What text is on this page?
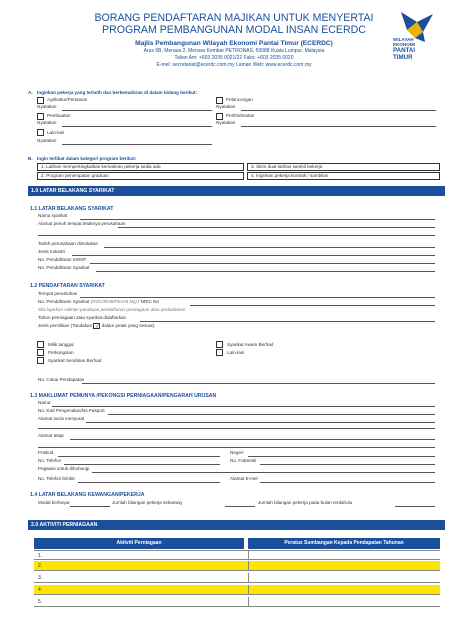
BORANG PENDAFTARAN MAJIKAN UNTUK MENYERTAI
PROGRAM PEMBANGUNAN MODAL INSAN ECERDC
Majlis Pembangunan Wilayah Ekonomi Pantai Timur (ECERDC)
Aras 6B, Menara 2, Menara Kembar PETRONAS, 50088 Kuala Lumpur, Malaysia
Talian Am: +603 2035 0021/22 Faks: +603 2035 0020
E-mel: secretariat@ecerdc.com.my Laman Web: www.ecerdc.com.my
WILAYAH
EKONOMI
PANTAI
TIMUR
A. Inginkan pekerja yang terlatih dan berkemahiran di dalam bidang berikut:
Agrikultur/Pertanian
Nyatakan
Pembuatan
Nyatakan
Lain-lain
Nyatakan
Pelancongan
Nyatakan
Perkhidmatan
Nyatakan
B. Ingin terlibat dalam kategori program berikut:
1. Latihan mempertingkatkan kemahiran pekerja sedia ada
2. Program penempatan graduan
3. Skim dual-latihan sambil bekerja
4. Inginkan pekerja kontrak / sambilan
1.0 LATAR BELAKANG SYARIKAT
1.1 LATAR BELAKANG SYARIKAT
Nama syarikat
Alamat penuh tempat letaknya perusahaan
Tarikh perusahaan dimulakan
Jenis Industri
No. Pendaftaran KWSP
No. Pendaftaran Syarikat
1.2 PENDAFTARAN SYARIKAT
Tempat penubuhan
No. Pendaftaran Syarikat (ROC/ROB/Permit No) / NRIC No
Sila lapirkan salinan perakuan pendaftaran perniagaan atau perbadanan
Tahun perniagaan atau syarikat didaftarkan
Jenis pemilikan (Tandakan √ dalam petak yang sesuai).
Milik tunggal
Perkongsian
Syarikat Sendirian Berhad
Syarikat Awam Berhad
Lain-lain
No. Cukai Pendapatan
1.3 MAKLUMAT PEMUNYA /PEKONGSI PERNIAGAAN/PENGARAH URUSAN
Nama
No. Kad Pengenalan/No.Pasport
Alamat surat menyurat
Alamat tetap
Poskod	Negeri
No. Telefon	No. Faksimili
Pegawai untuk dihubungi
No. Telefon bimbit	Alamat E-mel
1.4 LATAR BELAKANG KEWANGAN/PEKERJA
Modal berbayar	Jumlah bilangan pekerja sekarang	Jumlah bilangan pekerja pada bulan terdahulu
2.0 AKTIVITI PERNIAGAAN
Aktiviti Perniagaan	Peratus Sumbangan Kepada Pendapatan Tahunan
1.
2.
3.
4.
5.
